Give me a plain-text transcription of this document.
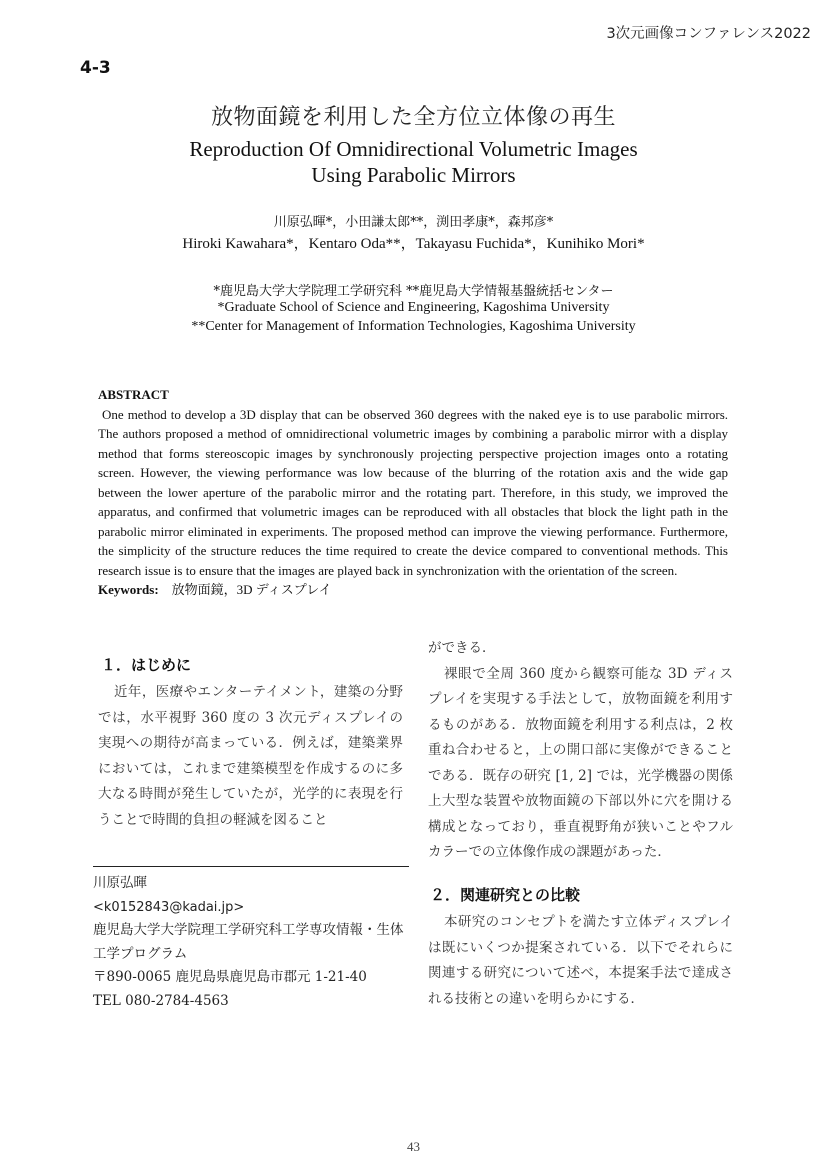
3次元画像コンファレンス2022
4-3
放物面鏡を利用した全方位立体像の再生
Reproduction Of Omnidirectional Volumetric Images
Using Parabolic Mirrors
川原弘暉*，小田謙太郎**，渕田孝康*，森邦彦*
Hiroki Kawahara*，Kentaro Oda**，Takayasu Fuchida*，Kunihiko Mori*
*鹿児島大学大学院理工学研究科 **鹿児島大学情報基盤統括センター
*Graduate School of Science and Engineering, Kagoshima University
**Center for Management of Information Technologies, Kagoshima University
ABSTRACT
One method to develop a 3D display that can be observed 360 degrees with the naked eye is to use parabolic mirrors. The authors proposed a method of omnidirectional volumetric images by combining a parabolic mirror with a display method that forms stereoscopic images by synchronously projecting perspective projection images onto a rotating screen. However, the viewing performance was low because of the blurring of the rotation axis and the wide gap between the lower aperture of the parabolic mirror and the rotating part. Therefore, in this study, we improved the apparatus, and confirmed that volumetric images can be reproduced with all obstacles that block the light path in the parabolic mirror eliminated in experiments. The proposed method can improve the viewing performance. Furthermore, the simplicity of the structure reduces the time required to create the device compared to conventional methods. This research issue is to ensure that the images are played back in synchronization with the orientation of the screen.
Keywords: 放物面鏡，3D ディスプレイ
１．はじめに
近年，医療やエンターテイメント，建築の分野では，水平視野 360 度の 3 次元ディスプレイの実現への期待が高まっている．例えば，建築業界においては，これまで建築模型を作成するのに多大なる時間が発生していたが，光学的に表現を行うことで時間的負担の軽減を図ること
川原弘暉
<k0152843@kadai.jp>
鹿児島大学大学院理工学研究科工学専攻情報・生体工学プログラム
〒890-0065 鹿児島県鹿児島市郡元 1-21-40
TEL 080-2784-4563
ができる．
裸眼で全周 360 度から観察可能な 3D ディスプレイを実現する手法として，放物面鏡を利用するものがある．放物面鏡を利用する利点は，2 枚重ね合わせると，上の開口部に実像ができることである．既存の研究 [1, 2] では，光学機器の関係上大型な装置や放物面鏡の下部以外に穴を開ける構成となっており，垂直視野角が狭いことやフルカラーでの立体像作成の課題があった．
２．関連研究との比較
本研究のコンセプトを満たす立体ディスプレイは既にいくつか提案されている．以下でそれらに関連する研究について述べ，本提案手法で達成される技術との違いを明らかにする．
43
